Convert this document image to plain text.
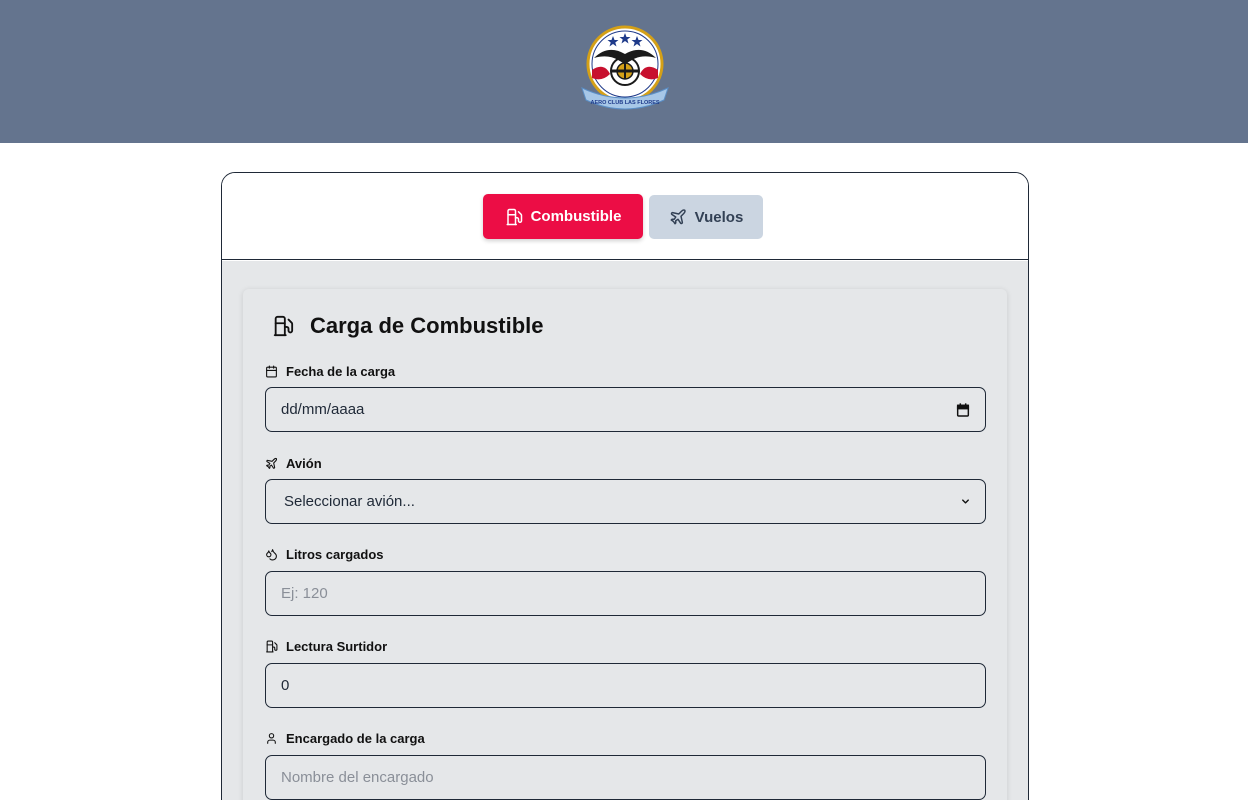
AERO CLUB LAS FLORES
Combustible	Vuelos
Carga de Combustible
Fecha de la carga
dd/mm/aaaa
Avión
Seleccionar avión...
Litros cargados
Ej: 120
Lectura Surtidor
0
Encargado de la carga
Nombre del encargado
